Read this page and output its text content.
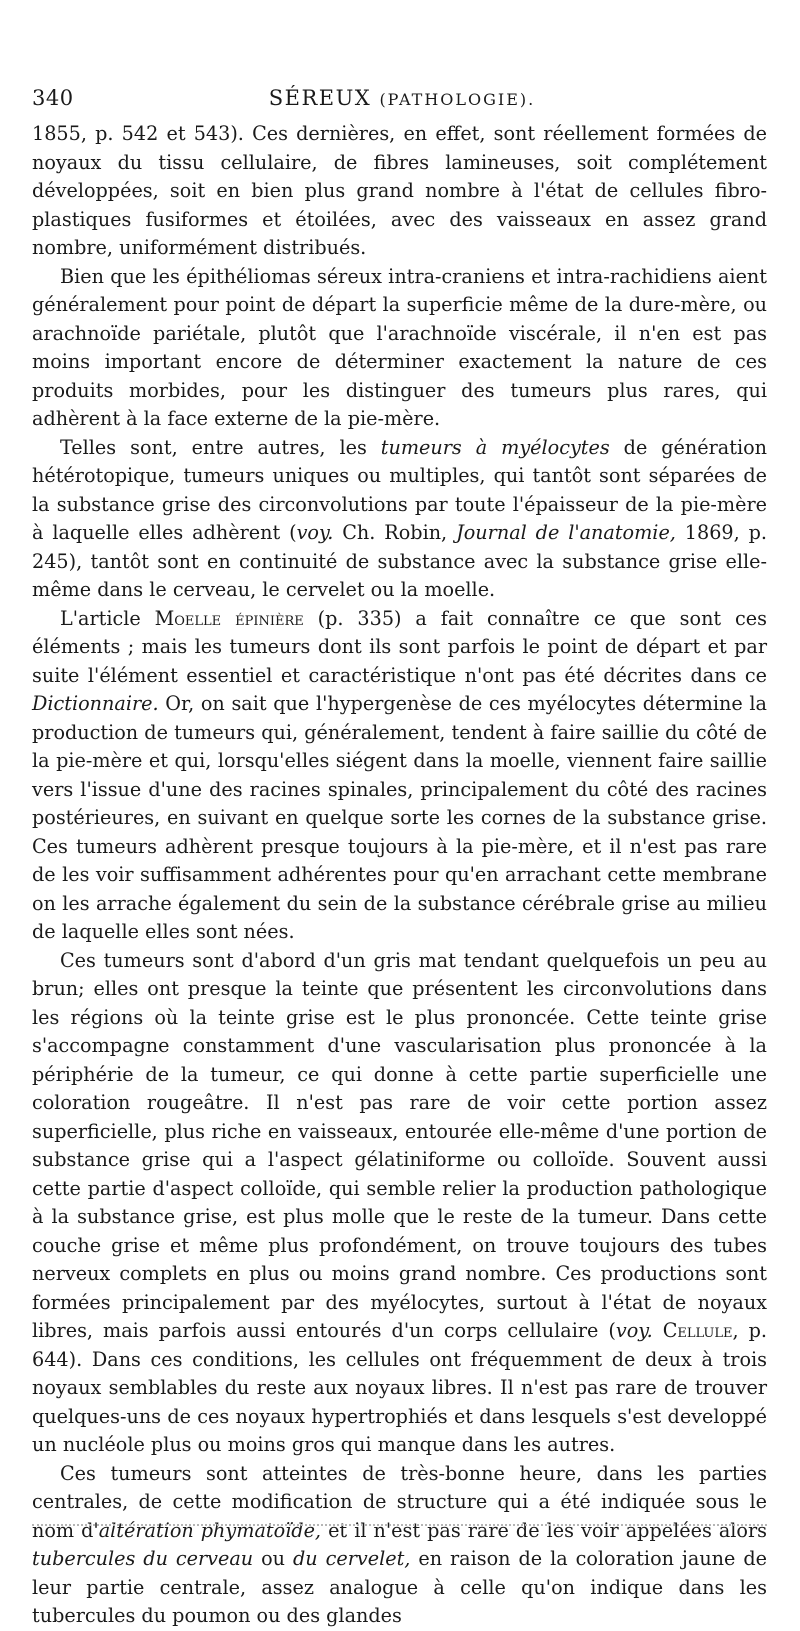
340	SÉREUX (PATHOLOGIE).

1855, p. 542 et 543). Ces dernières, en effet, sont réellement formées de noyaux du tissu cellulaire, de fibres lamineuses, soit complétement développées, soit en bien plus grand nombre à l'état de cellules fibro-plastiques fusiformes et étoilées, avec des vaisseaux en assez grand nombre, uniformément distribués.

Bien que les épithéliomas séreux intra-craniens et intra-rachidiens aient généralement pour point de départ la superficie même de la dure-mère, ou arachnoïde pariétale, plutôt que l'arachnoïde viscérale, il n'en est pas moins important encore de déterminer exactement la nature de ces produits morbides, pour les distinguer des tumeurs plus rares, qui adhèrent à la face externe de la pie-mère.

Telles sont, entre autres, les tumeurs à myélocytes de génération hétérotopique, tumeurs uniques ou multiples, qui tantôt sont séparées de la substance grise des circonvolutions par toute l'épaisseur de la pie-mère à laquelle elles adhèrent (voy. Ch. Robin, Journal de l'anatomie, 1869, p. 245), tantôt sont en continuité de substance avec la substance grise elle-même dans le cerveau, le cervelet ou la moelle.

L'article Moelle épinière (p. 335) a fait connaître ce que sont ces éléments ; mais les tumeurs dont ils sont parfois le point de départ et par suite l'élément essentiel et caractéristique n'ont pas été décrites dans ce Dictionnaire. Or, on sait que l'hypergenèse de ces myélocytes détermine la production de tumeurs qui, généralement, tendent à faire saillie du côté de la pie-mère et qui, lorsqu'elles siégent dans la moelle, viennent faire saillie vers l'issue d'une des racines spinales, principalement du côté des racines postérieures, en suivant en quelque sorte les cornes de la substance grise. Ces tumeurs adhèrent presque toujours à la pie-mère, et il n'est pas rare de les voir suffisamment adhérentes pour qu'en arrachant cette membrane on les arrache également du sein de la substance cérébrale grise au milieu de laquelle elles sont nées.

Ces tumeurs sont d'abord d'un gris mat tendant quelquefois un peu au brun; elles ont presque la teinte que présentent les circonvolutions dans les régions où la teinte grise est le plus prononcée. Cette teinte grise s'accompagne constamment d'une vascularisation plus prononcée à la périphérie de la tumeur, ce qui donne à cette partie superficielle une coloration rougeâtre. Il n'est pas rare de voir cette portion assez superficielle, plus riche en vaisseaux, entourée elle-même d'une portion de substance grise qui a l'aspect gélatiniforme ou colloïde. Souvent aussi cette partie d'aspect colloïde, qui semble relier la production pathologique à la substance grise, est plus molle que le reste de la tumeur. Dans cette couche grise et même plus profondément, on trouve toujours des tubes nerveux complets en plus ou moins grand nombre. Ces productions sont formées principalement par des myélocytes, surtout à l'état de noyaux libres, mais parfois aussi entourés d'un corps cellulaire (voy. Cellule, p. 644). Dans ces conditions, les cellules ont fréquemment de deux à trois noyaux semblables du reste aux noyaux libres. Il n'est pas rare de trouver quelques-uns de ces noyaux hypertrophiés et dans lesquels s'est developpé un nucléole plus ou moins gros qui manque dans les autres.

Ces tumeurs sont atteintes de très-bonne heure, dans les parties centrales, de cette modification de structure qui a été indiquée sous le nom d'altération phymatoïde, et il n'est pas rare de les voir appelées alors tubercules du cerveau ou du cervelet, en raison de la coloration jaune de leur partie centrale, assez analogue à celle qu'on indique dans les tubercules du poumon ou des glandes
